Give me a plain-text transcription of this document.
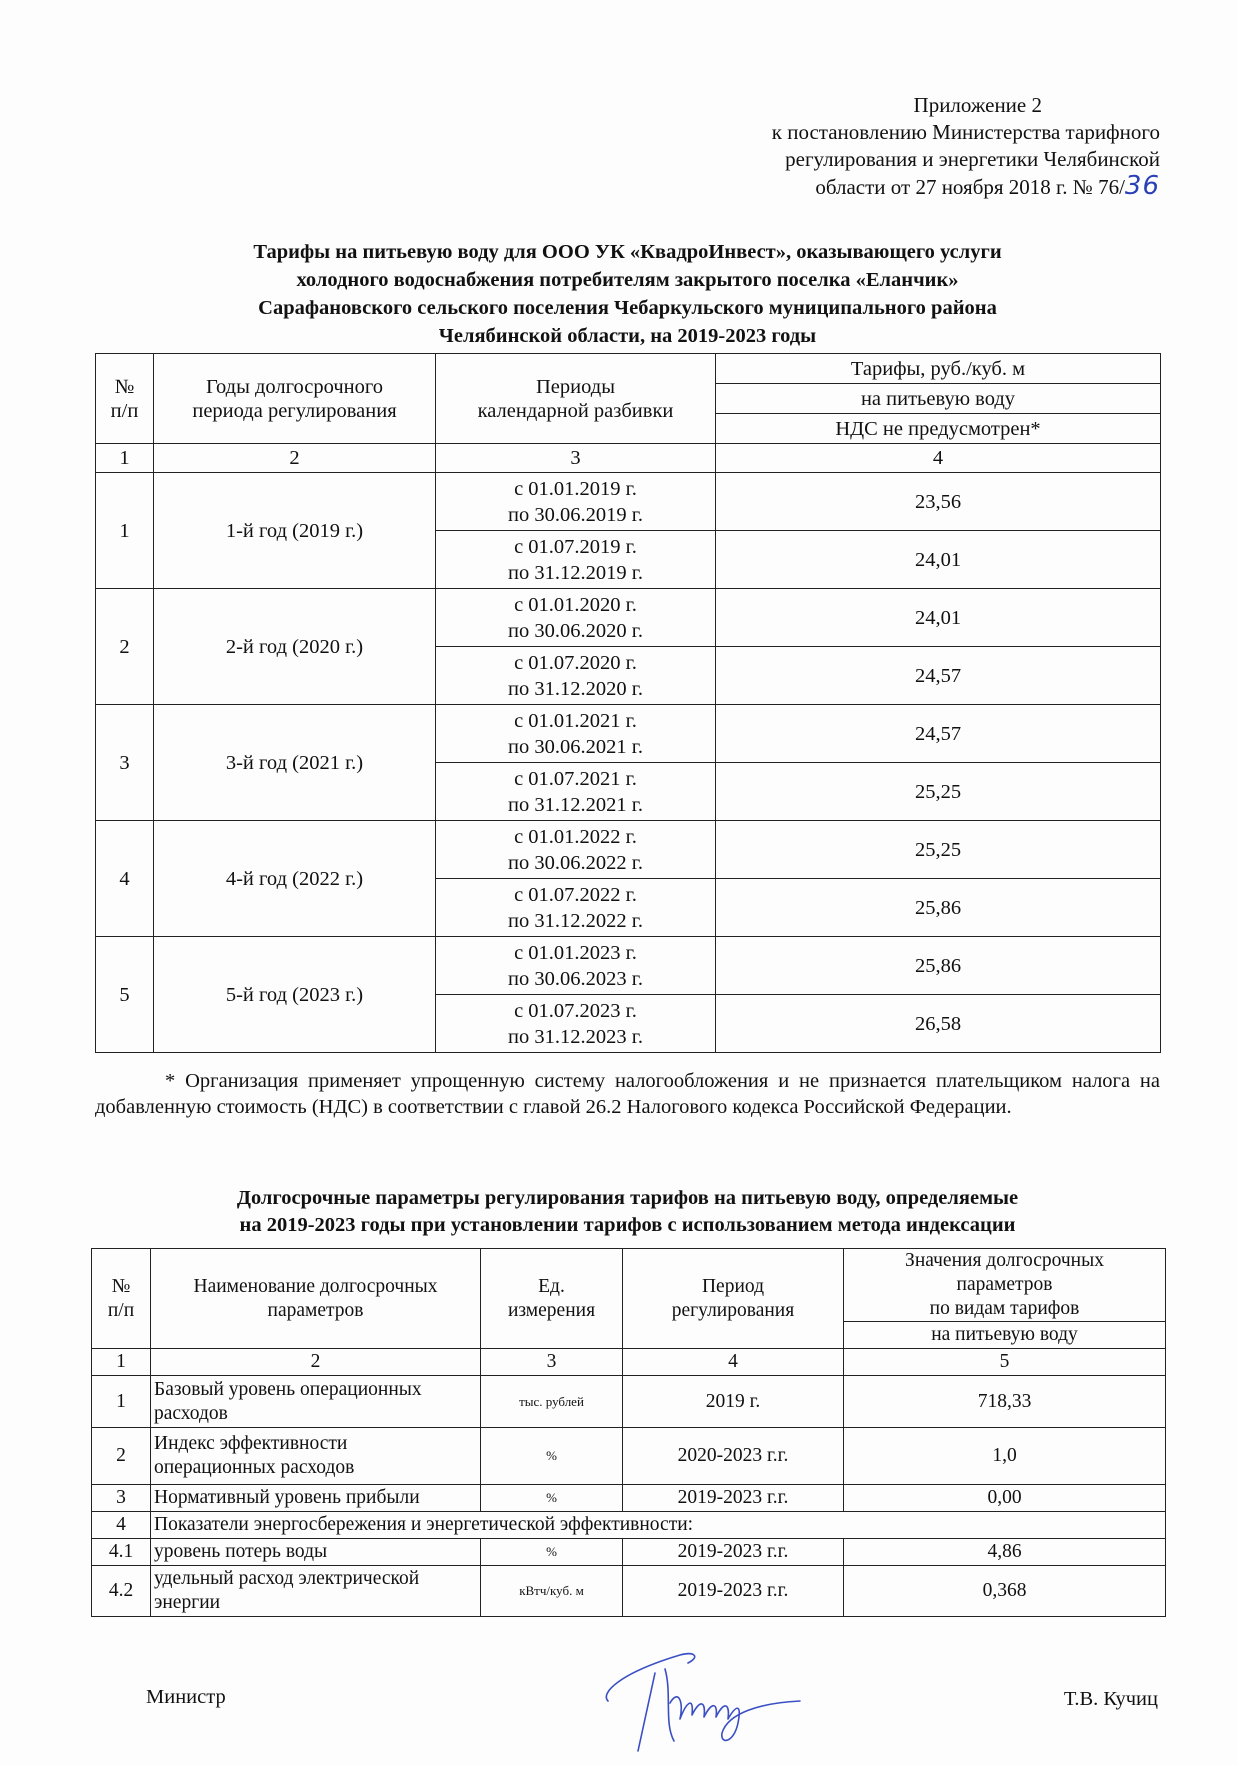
Приложение 2
к постановлению Министерства тарифного
регулирования и энергетики Челябинской
области от 27 ноября 2018 г. № 76/36
Тарифы на питьевую воду для ООО УК «КвадроИнвест», оказывающего услуги
холодного водоснабжения потребителям закрытого поселка «Еланчик»
Сарафановского сельского поселения Чебаркульского муниципального района
Челябинской области, на 2019-2023 годы
№
п/п

Годы долгосрочного
периода регулирования

Периоды
календарной разбивки
	Тарифы, руб./куб. м
			на питьевую воду
			НДС не предусмотрен*
1	2	3	4
1	1-й год (2019 г.)	с 01.01.2019 г.
по 30.06.2019 г.	23,56

		с 01.07.2019 г.
по 31.12.2019 г.	24,01
2	2-й год (2020 г.)	с 01.01.2020 г.
по 30.06.2020 г.	24,01

		с 01.07.2020 г.
по 31.12.2020 г.	24,57
3	3-й год (2021 г.)	с 01.01.2021 г.
по 30.06.2021 г.	24,57

		с 01.07.2021 г.
по 31.12.2021 г.	25,25
4	4-й год (2022 г.)	с 01.01.2022 г.
по 30.06.2022 г.	25,25

		с 01.07.2022 г.
по 31.12.2022 г.	25,86
5	5-й год (2023 г.)	с 01.01.2023 г.
по 30.06.2023 г.	25,86

		с 01.07.2023 г.
по 31.12.2023 г.	26,58
* Организация применяет упрощенную систему налогообложения и не признается плательщиком налога на добавленную стоимость (НДС) в соответствии с главой 26.2 Налогового кодекса Российской Федерации.
Долгосрочные параметры регулирования тарифов на питьевую воду, определяемые
на 2019-2023 годы при установлении тарифов с использованием метода индексации
№
п/п

Наименование долгосрочных
параметров

Ед.
измерения

Период
регулирования

Значения долгосрочных
параметров
по видам тарифов

				на питьевую воду
1	2	3	4	5
1	Базовый уровень операционных
расходов	тыс. рублей	2019 г.	718,33
2	Индекс эффективности
операционных расходов	%	2020-2023 г.г.	1,0
3	Нормативный уровень прибыли	%	2019-2023 г.г.	0,00
4	Показатели энергосбережения и энергетической эффективности:			
4.1	уровень потерь воды	%	2019-2023 г.г.	4,86
4.2	удельный расход электрической
энергии	кВтч/куб. м	2019-2023 г.г.	0,368
Министр	Т.В. Кучиц
